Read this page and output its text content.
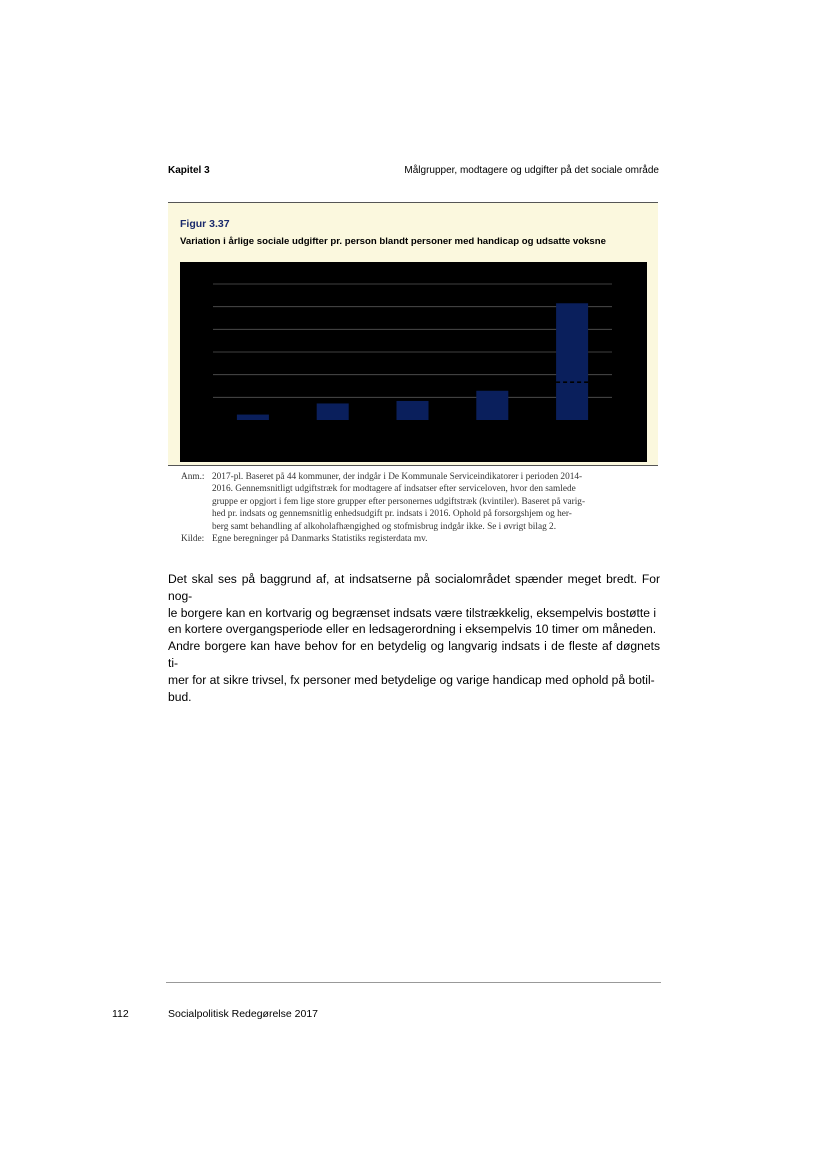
Kapitel 3	Målgrupper, modtagere og udgifter på det sociale område
Figur 3.37
Variation i årlige sociale udgifter pr. person blandt personer med handicap og udsatte voksne
Anm.: 2017-pl. Baseret på 44 kommuner, der indgår i De Kommunale Serviceindikatorer i perioden 2014-
2016. Gennemsnitligt udgiftstræk for modtagere af indsatser efter serviceloven, hvor den samlede
gruppe er opgjort i fem lige store grupper efter personernes udgiftstræk (kvintiler). Baseret på varig-
hed pr. indsats og gennemsnitlig enhedsudgift pr. indsats i 2016. Ophold på forsorgshjem og her-
berg samt behandling af alkoholafhængighed og stofmisbrug indgår ikke. Se i øvrigt bilag 2.
Kilde: Egne beregninger på Danmarks Statistiks registerdata mv.
Det skal ses på baggrund af, at indsatserne på socialområdet spænder meget bredt. For nog-
le borgere kan en kortvarig og begrænset indsats være tilstrækkelig, eksempelvis bostøtte i
en kortere overgangsperiode eller en ledsagerordning i eksempelvis 10 timer om måneden.
Andre borgere kan have behov for en betydelig og langvarig indsats i de fleste af døgnets ti-
mer for at sikre trivsel, fx personer med betydelige og varige handicap med ophold på botil-
bud.
112	Socialpolitisk Redegørelse 2017
